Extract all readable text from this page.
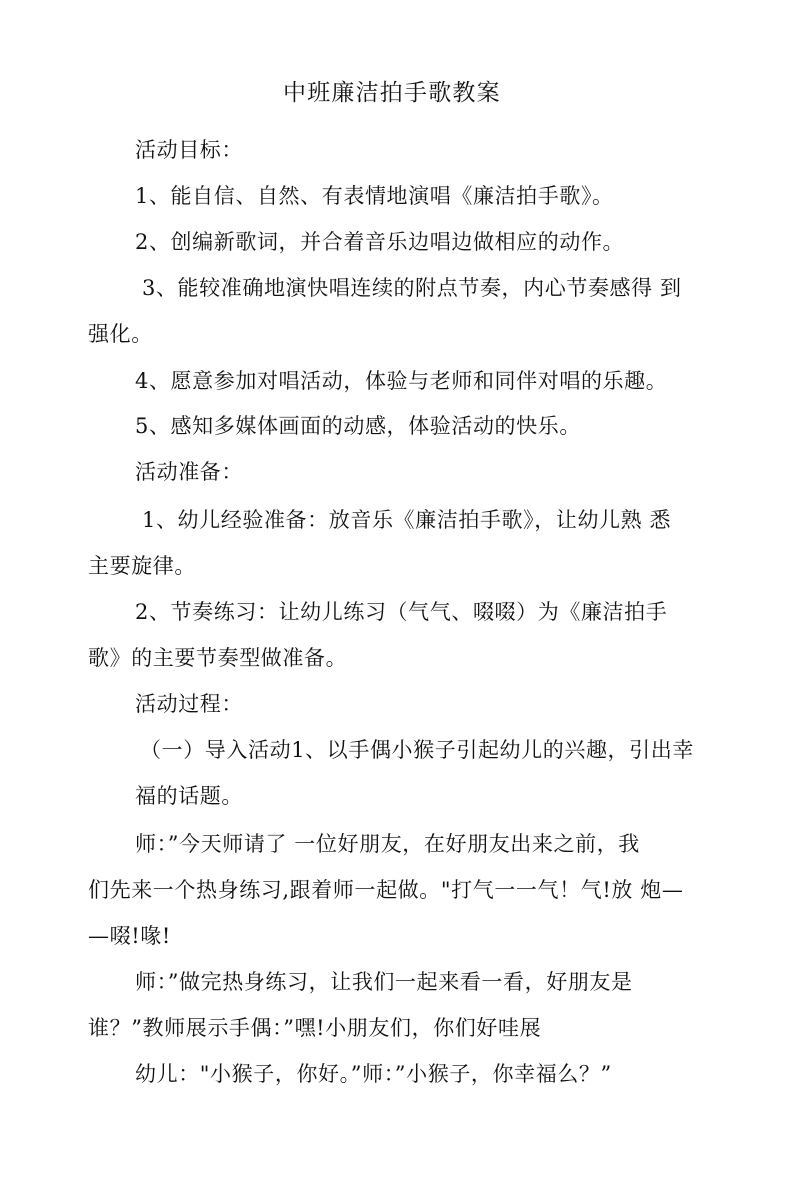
中班廉洁拍手歌教案
活动目标：
1、能自信、自然、有表情地演唱《廉洁拍手歌》。
2、创编新歌词，并合着音乐边唱边做相应的动作。
3、能较准确地演快唱连续的附点节奏，内心节奏感得 到
强化。
4、愿意参加对唱活动，体验与老师和同伴对唱的乐趣。
5、感知多媒体画面的动感，体验活动的快乐。
活动准备：
1、幼儿经验准备：放音乐《廉洁拍手歌》，让幼儿熟 悉
主要旋律。
2、节奏练习：让幼儿练习（气气、啜啜）为《廉洁拍手
歌》的主要节奏型做准备。
活动过程：
（一）导入活动1、以手偶小猴子引起幼儿的兴趣，引出幸
福的话题。
师：”今天师请了 一位好朋友，在好朋友出来之前，我
们先来一个热身练习,跟着师一起做。"打气一一气！气!放 炮—
—啜!喙!
师：”做完热身练习，让我们一起来看一看，好朋友是
谁？”教师展示手偶：”嘿!小朋友们，你们好哇展
幼儿："小猴子，你好。”师：”小猴子，你幸福么？”
